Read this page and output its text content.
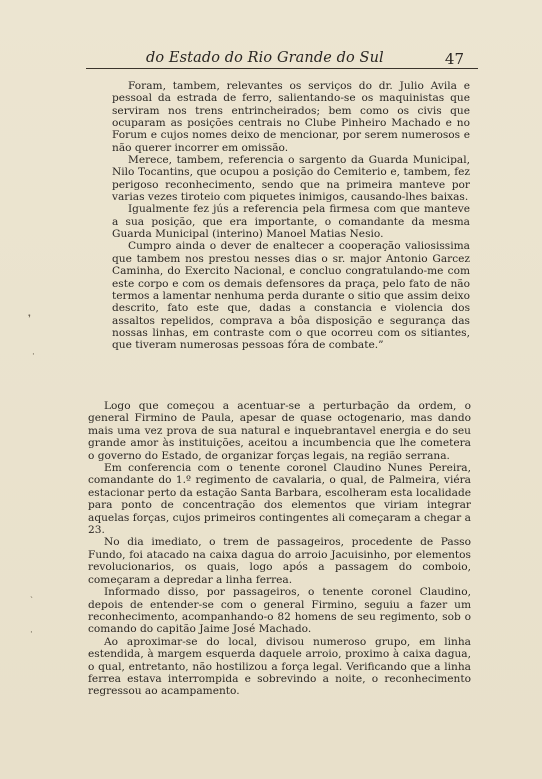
do Estado do Rio Grande do Sul	47

Foram, tambem, relevantes os serviços do dr. Julio Avila e pessoal da estrada de ferro, salientando-se os maquinistas que serviram nos trens entrincheirados; bem como os civis que ocuparam as posições centrais no Clube Pinheiro Machado e no Forum e cujos nomes deixo de mencionar, por serem numerosos e não querer incorrer em omissão.

Merece, tambem, referencia o sargento da Guarda Municipal, Nilo Tocantins, que ocupou a posição do Cemiterio e, tambem, fez perigoso reconhecimento, sendo que na primeira manteve por varias vezes tiroteio com piquetes inimigos, causando-lhes baixas.

Igualmente fez jús a referencia pela firmesa com que manteve a sua posição, que era importante, o comandante da mesma Guarda Municipal (interino) Manoel Matias Nesio.

Cumpro ainda o dever de enaltecer a cooperação valiosissima que tambem nos prestou nesses dias o sr. major Antonio Garcez Caminha, do Exercito Nacional, e concluo congratulando-me com este corpo e com os demais defensores da praça, pelo fato de não termos a lamentar nenhuma perda durante o sitio que assim deixo descrito, fato este que, dadas a constancia e violencia dos assaltos repelidos, comprava a bôa disposição e segurança das nossas linhas, em contraste com o que ocorreu com os sitiantes, que tiveram numerosas pessoas fóra de combate.”

Logo que começou a acentuar-se a perturbação da ordem, o general Firmino de Paula, apesar de quase octogenario, mas dando mais uma vez prova de sua natural e inquebrantavel energia e do seu grande amor às instituições, aceitou a incumbencia que lhe cometera o governo do Estado, de organizar forças legais, na região serrana.

Em conferencia com o tenente coronel Claudino Nunes Pereira, comandante do 1.º regimento de cavalaria, o qual, de Palmeira, viéra estacionar perto da estação Santa Barbara, escolheram esta localidade para ponto de concentração dos elementos que viriam integrar aquelas forças, cujos primeiros contingentes ali começaram a chegar a 23.

No dia imediato, o trem de passageiros, procedente de Passo Fundo, foi atacado na caixa dagua do arroio Jacuisinho, por elementos revolucionarios, os quais, logo após a passagem do comboio, começaram a depredar a linha ferrea.

Informado disso, por passageiros, o tenente coronel Claudino, depois de entender-se com o general Firmino, seguiu a fazer um reconhecimento, acompanhando-o 82 homens de seu regimento, sob o comando do capitão Jaime José Machado.

Ao aproximar-se do local, divisou numeroso grupo, em linha estendida, à margem esquerda daquele arroio, proximo à caixa dagua, o qual, entretanto, não hostilizou a força legal. Verificando que a linha ferrea estava interrompida e sobrevindo a noite, o reconhecimento regressou ao acampamento.

❜
·
ˎ
·
